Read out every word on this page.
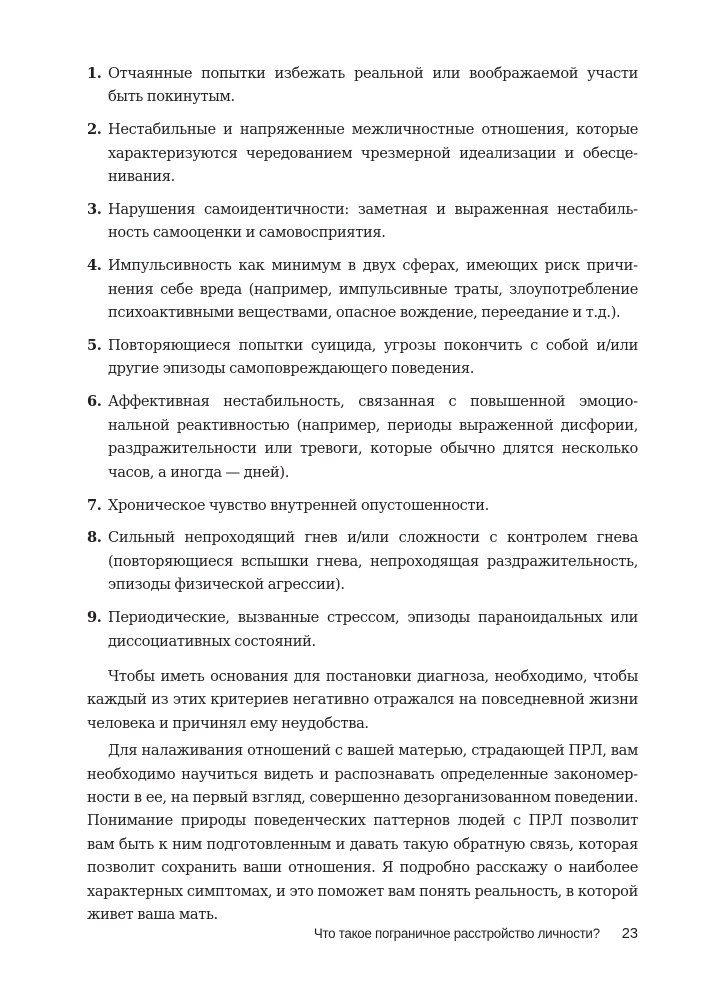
1. Отчаянные попытки избежать реальной или воображаемой участи быть покинутым.
2. Нестабильные и напряженные межличностные отношения, которые характеризуются чередованием чрезмерной идеализации и обесценивания.
3. Нарушения самоидентичности: заметная и выраженная нестабильность самооценки и самовосприятия.
4. Импульсивность как минимум в двух сферах, имеющих риск причинения себе вреда (например, импульсивные траты, злоупотребление психоактивными веществами, опасное вождение, переедание и т.д.).
5. Повторяющиеся попытки суицида, угрозы покончить с собой и/или другие эпизоды самоповреждающего поведения.
6. Аффективная нестабильность, связанная с повышенной эмоциональной реактивностью (например, периоды выраженной дисфории, раздражительности или тревоги, которые обычно длятся несколько часов, а иногда — дней).
7. Хроническое чувство внутренней опустошенности.
8. Сильный непроходящий гнев и/или сложности с контролем гнева (повторяющиеся вспышки гнева, непроходящая раздражительность, эпизоды физической агрессии).
9. Периодические, вызванные стрессом, эпизоды параноидальных или диссоциативных состояний.

Чтобы иметь основания для постановки диагноза, необходимо, чтобы каждый из этих критериев негативно отражался на повседневной жизни человека и причинял ему неудобства.

Для налаживания отношений с вашей матерью, страдающей ПРЛ, вам необходимо научиться видеть и распознавать определенные закономерности в ее, на первый взгляд, совершенно дезорганизованном поведении. Понимание природы поведенческих паттернов людей с ПРЛ позволит вам быть к ним подготовленным и давать такую обратную связь, которая позволит сохранить ваши отношения. Я подробно расскажу о наиболее характерных симптомах, и это поможет вам понять реальность, в которой живет ваша мать.

Что такое пограничное расстройство личности? 23
